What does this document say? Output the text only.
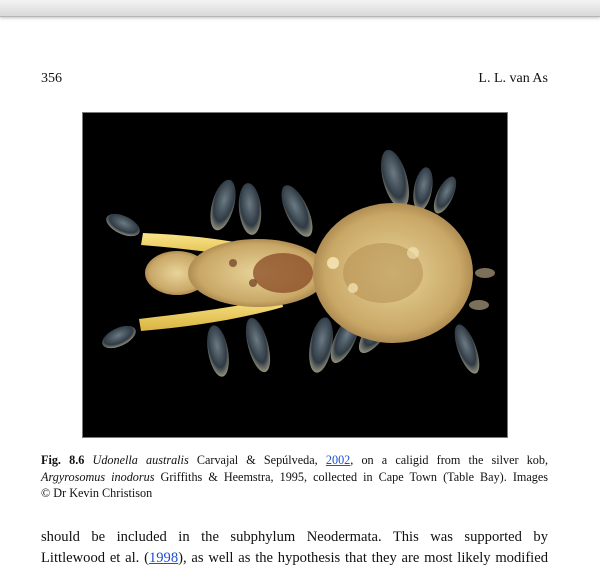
356	L. L. van As
Fig. 8.6 Udonella australis Carvajal & Sepúlveda, 2002, on a caligid from the silver kob,
Argyrosomus inodorus Griffiths & Heemstra, 1995, collected in Cape Town (Table Bay). Images
© Dr Kevin Christison
should be included in the subphylum Neodermata. This was supported by
Littlewood et al. (1998), as well as the hypothesis that they are most likely modified
